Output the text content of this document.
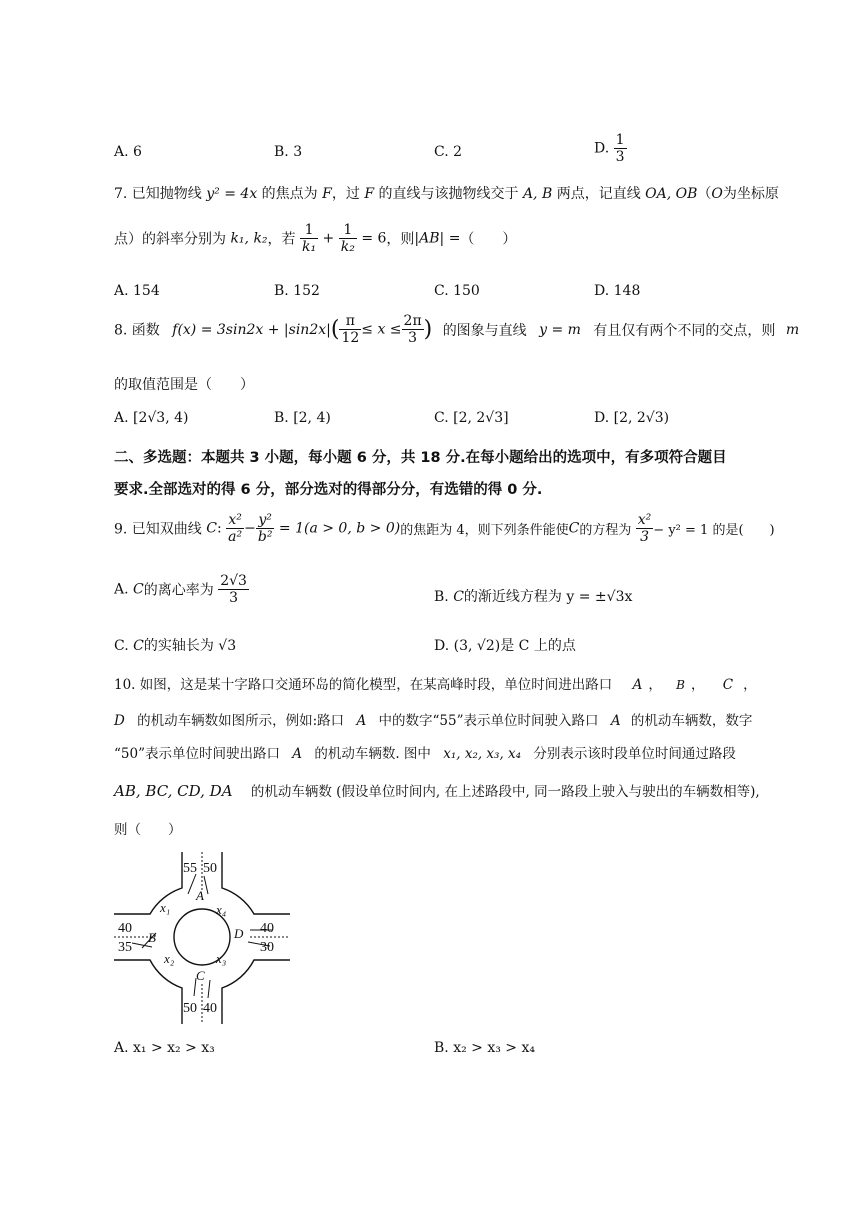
A. 6	B. 3	C. 2	D. $\frac{1}{3}$
7. 已知抛物线 y² = 4x 的焦点为 F，过 F 的直线与该抛物线交于 A, B 两点，记直线 OA, OB（O为坐标原
点）的斜率分别为 k₁, k₂，若 $\frac{1}{\text{k₁}} + \frac{1}{\text{k₂}} = 6$，则|AB| =（　　）
A. 154	B. 152	C. 150	D. 148
8. 函数 $f(x) = 3\sin 2x + |\sin 2x|( \frac{\pi}{12} \le x \le \frac{2\pi}{3}$ ) 的图象与直线 y = m 有且仅有两个不同的交点，则 m
的取值范围是（　　）
A. [2√3, 4)	B. [2, 4)	C. [2, 2√3]	D. [2, 2√3)
二、多选题：本题共 3 小题，每小题 6 分，共 18 分.在每小题给出的选项中，有多项符合题目
要求.全部选对的得 6 分，部分选对的得部分分，有选错的得 0 分.
9. 已知双曲线 C: $\frac{\text{x²}}{\text{a²}} - \frac{\text{y²}}{\text{b²}} = 1(a > 0$, b > 0)的焦距为 4，则下列条件能使C的方程为 $\frac{\text{x²}}{3} - y^2 = 1$ 的是(　　)
A. C的离心率为 $\frac{2√3}{3}$	B. C的渐近线方程为 y = ±√3x
C. C的实轴长为 √3	D. (3, √2)是 C 上的点
10. 如图，这是某十字路口交通环岛的简化模型，在某高峰时段，单位时间进出路口 A ， B ， C ，
D 的机动车辆数如图所示，例如:路口 A 中的数字“55”表示单位时间驶入路口 A 的机动车辆数，数字
“50”表示单位时间驶出路口 A 的机动车辆数. 图中 x₁, x₂, x₃, x₄ 分别表示该时段单位时间通过路段
AB, BC, CD, DA 的机动车辆数 (假设单位时间内, 在上述路段中, 同一路段上驶入与驶出的车辆数相等),
则（　　）
55 50
40
35
40
30
50 40
A
B
C
D
x₁
x₂	x₃
x₄
A. x₁ > x₂ > x₃	B. x₂ > x₃ > x₄
